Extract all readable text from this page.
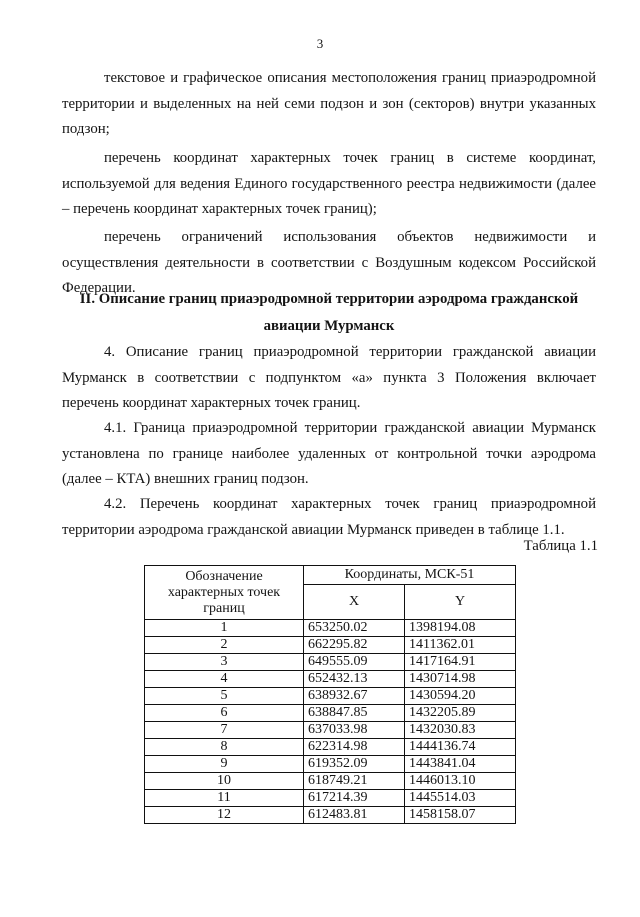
3

текстовое и графическое описания местоположения границ приаэродромной территории и выделенных на ней семи подзон и зон (секторов) внутри указанных подзон;

перечень координат характерных точек границ в системе координат, используемой для ведения Единого государственного реестра недвижимости (далее – перечень координат характерных точек границ);

перечень ограничений использования объектов недвижимости и осуществления деятельности в соответствии с Воздушным кодексом Российской Федерации.

II. Описание границ приаэродромной территории аэродрома гражданской авиации Мурманск

4. Описание границ приаэродромной территории гражданской авиации Мурманск в соответствии с подпунктом «а» пункта 3 Положения включает перечень координат характерных точек границ.

4.1. Граница приаэродромной территории гражданской авиации Мурманск установлена по границе наиболее удаленных от контрольной точки аэродрома (далее – КТА) внешних границ подзон.

4.2. Перечень координат характерных точек границ приаэродромной территории аэродрома гражданской авиации Мурманск приведен в таблице 1.1.

Таблица 1.1
Обозначение характерных точек границ	Координаты, МСК-51	
	X	Y
1	653250.02	1398194.08
2	662295.82	1411362.01
3	649555.09	1417164.91
4	652432.13	1430714.98
5	638932.67	1430594.20
6	638847.85	1432205.89
7	637033.98	1432030.83
8	622314.98	1444136.74
9	619352.09	1443841.04
10	618749.21	1446013.10
11	617214.39	1445514.03
12	612483.81	1458158.07
